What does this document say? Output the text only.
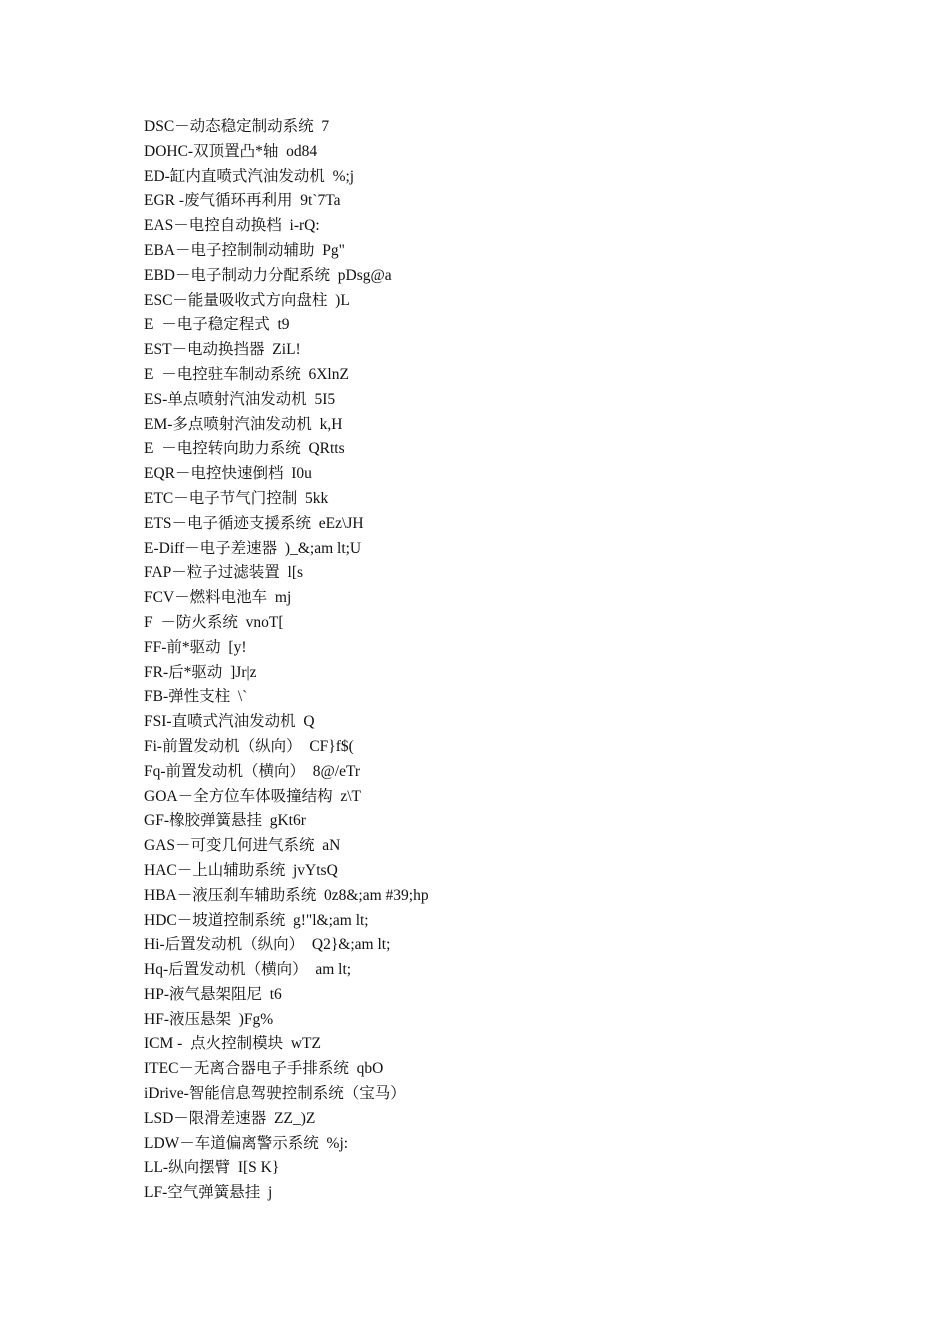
DSC－动态稳定制动系统  7
DOHC-双顶置凸*轴  od84
ED-缸内直喷式汽油发动机  %;j
EGR -废气循环再利用  9t`7Ta
EAS－电控自动换档  i-rQ:
EBA－电子控制制动辅助  Pg"
EBD－电子制动力分配系统  pDsg@a
ESC－能量吸收式方向盘柱  )L
E  －电子稳定程式  t9
EST－电动换挡器  ZiL!
E  －电控驻车制动系统  6XlnZ
ES-单点喷射汽油发动机  5I5
EM-多点喷射汽油发动机  k,H
E  －电控转向助力系统  QRtts
EQR－电控快速倒档  I0u
ETC－电子节气门控制  5kk
ETS－电子循迹支援系统  eEz\JH
E-Diff－电子差速器  )_&;am lt;U
FAP－粒子过滤装置  l[s
FCV－燃料电池车  mj
F  －防火系统  vnoT[
FF-前*驱动  [y!
FR-后*驱动  ]Jr|z
FB-弹性支柱  \`
FSI-直喷式汽油发动机  Q
Fi-前置发动机（纵向）  CF}f$(
Fq-前置发动机（横向）  8@/eTr
GOA－全方位车体吸撞结构  z\T
GF-橡胶弹簧悬挂  gKt6r
GAS－可变几何进气系统  aN
HAC－上山辅助系统  jvYtsQ
HBA－液压刹车辅助系统  0z8&;am #39;hp
HDC－坡道控制系统  g!"l&;am lt;
Hi-后置发动机（纵向）  Q2}&;am lt;
Hq-后置发动机（横向）  am lt;
HP-液气悬架阻尼  t6
HF-液压悬架  )Fg%
ICM -  点火控制模块  wTZ
ITEC－无离合器电子手排系统  qbO
iDrive-智能信息驾驶控制系统（宝马）
LSD－限滑差速器  ZZ_)Z
LDW－车道偏离警示系统  %j:
LL-纵向摆臂  I[S K}
LF-空气弹簧悬挂  j
